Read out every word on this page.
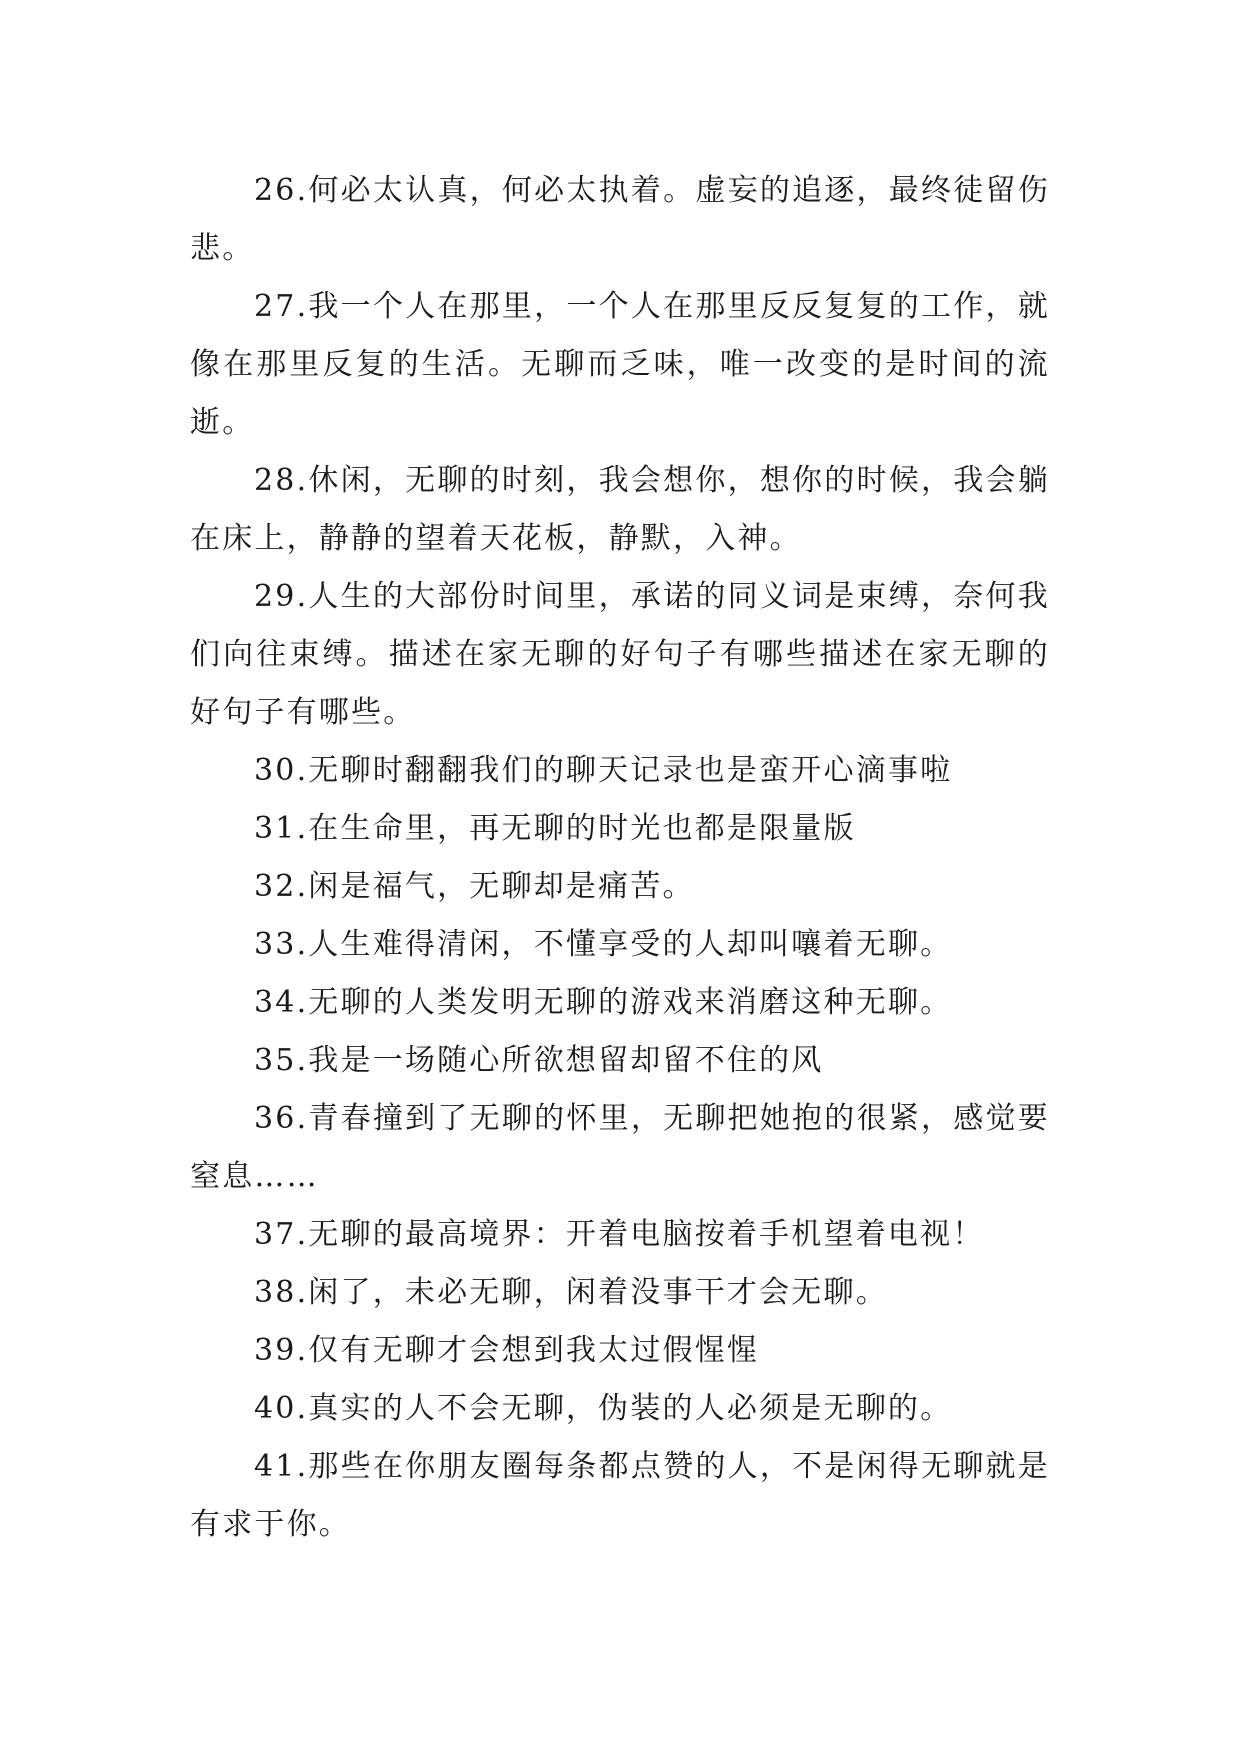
26.何必太认真，何必太执着。虚妄的追逐，最终徒留伤悲。

27.我一个人在那里，一个人在那里反反复复的工作，就像在那里反复的生活。无聊而乏味，唯一改变的是时间的流逝。

28.休闲，无聊的时刻，我会想你，想你的时候，我会躺在床上，静静的望着天花板，静默，入神。

29.人生的大部份时间里，承诺的同义词是束缚，奈何我们向往束缚。描述在家无聊的好句子有哪些描述在家无聊的好句子有哪些。

30.无聊时翻翻我们的聊天记录也是蛮开心滴事啦

31.在生命里，再无聊的时光也都是限量版

32.闲是福气，无聊却是痛苦。

33.人生难得清闲，不懂享受的人却叫嚷着无聊。

34.无聊的人类发明无聊的游戏来消磨这种无聊。

35.我是一场随心所欲想留却留不住的风

36.青春撞到了无聊的怀里，无聊把她抱的很紧，感觉要窒息……

37.无聊的最高境界：开着电脑按着手机望着电视！

38.闲了，未必无聊，闲着没事干才会无聊。

39.仅有无聊才会想到我太过假惺惺

40.真实的人不会无聊，伪装的人必须是无聊的。

41.那些在你朋友圈每条都点赞的人，不是闲得无聊就是有求于你。
